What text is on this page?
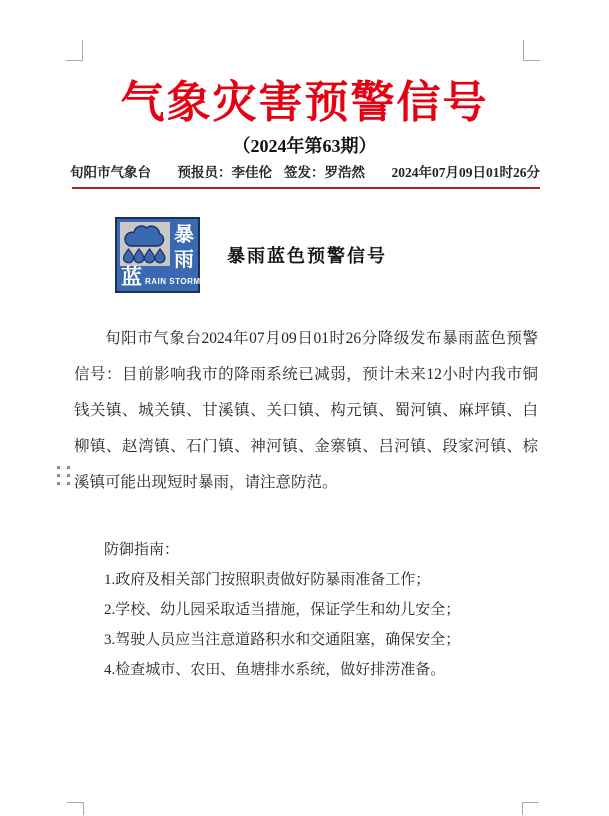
气象灾害预警信号
（2024年第63期）
旬阳市气象台 预报员：李佳伦 签发：罗浩然 2024年07月09日01时26分
暴
雨
蓝 RAIN STORM
暴雨蓝色预警信号
旬阳市气象台2024年07月09日01时26分降级发布暴雨蓝色预警信号：目前影响我市的降雨系统已减弱，预计未来12小时内我市铜钱关镇、城关镇、甘溪镇、关口镇、构元镇、蜀河镇、麻坪镇、白柳镇、赵湾镇、石门镇、神河镇、金寨镇、吕河镇、段家河镇、棕溪镇可能出现短时暴雨，请注意防范。
防御指南：
1.政府及相关部门按照职责做好防暴雨准备工作；
2.学校、幼儿园采取适当措施，保证学生和幼儿安全；
3.驾驶人员应当注意道路积水和交通阻塞，确保安全；
4.检查城市、农田、鱼塘排水系统，做好排涝准备。
